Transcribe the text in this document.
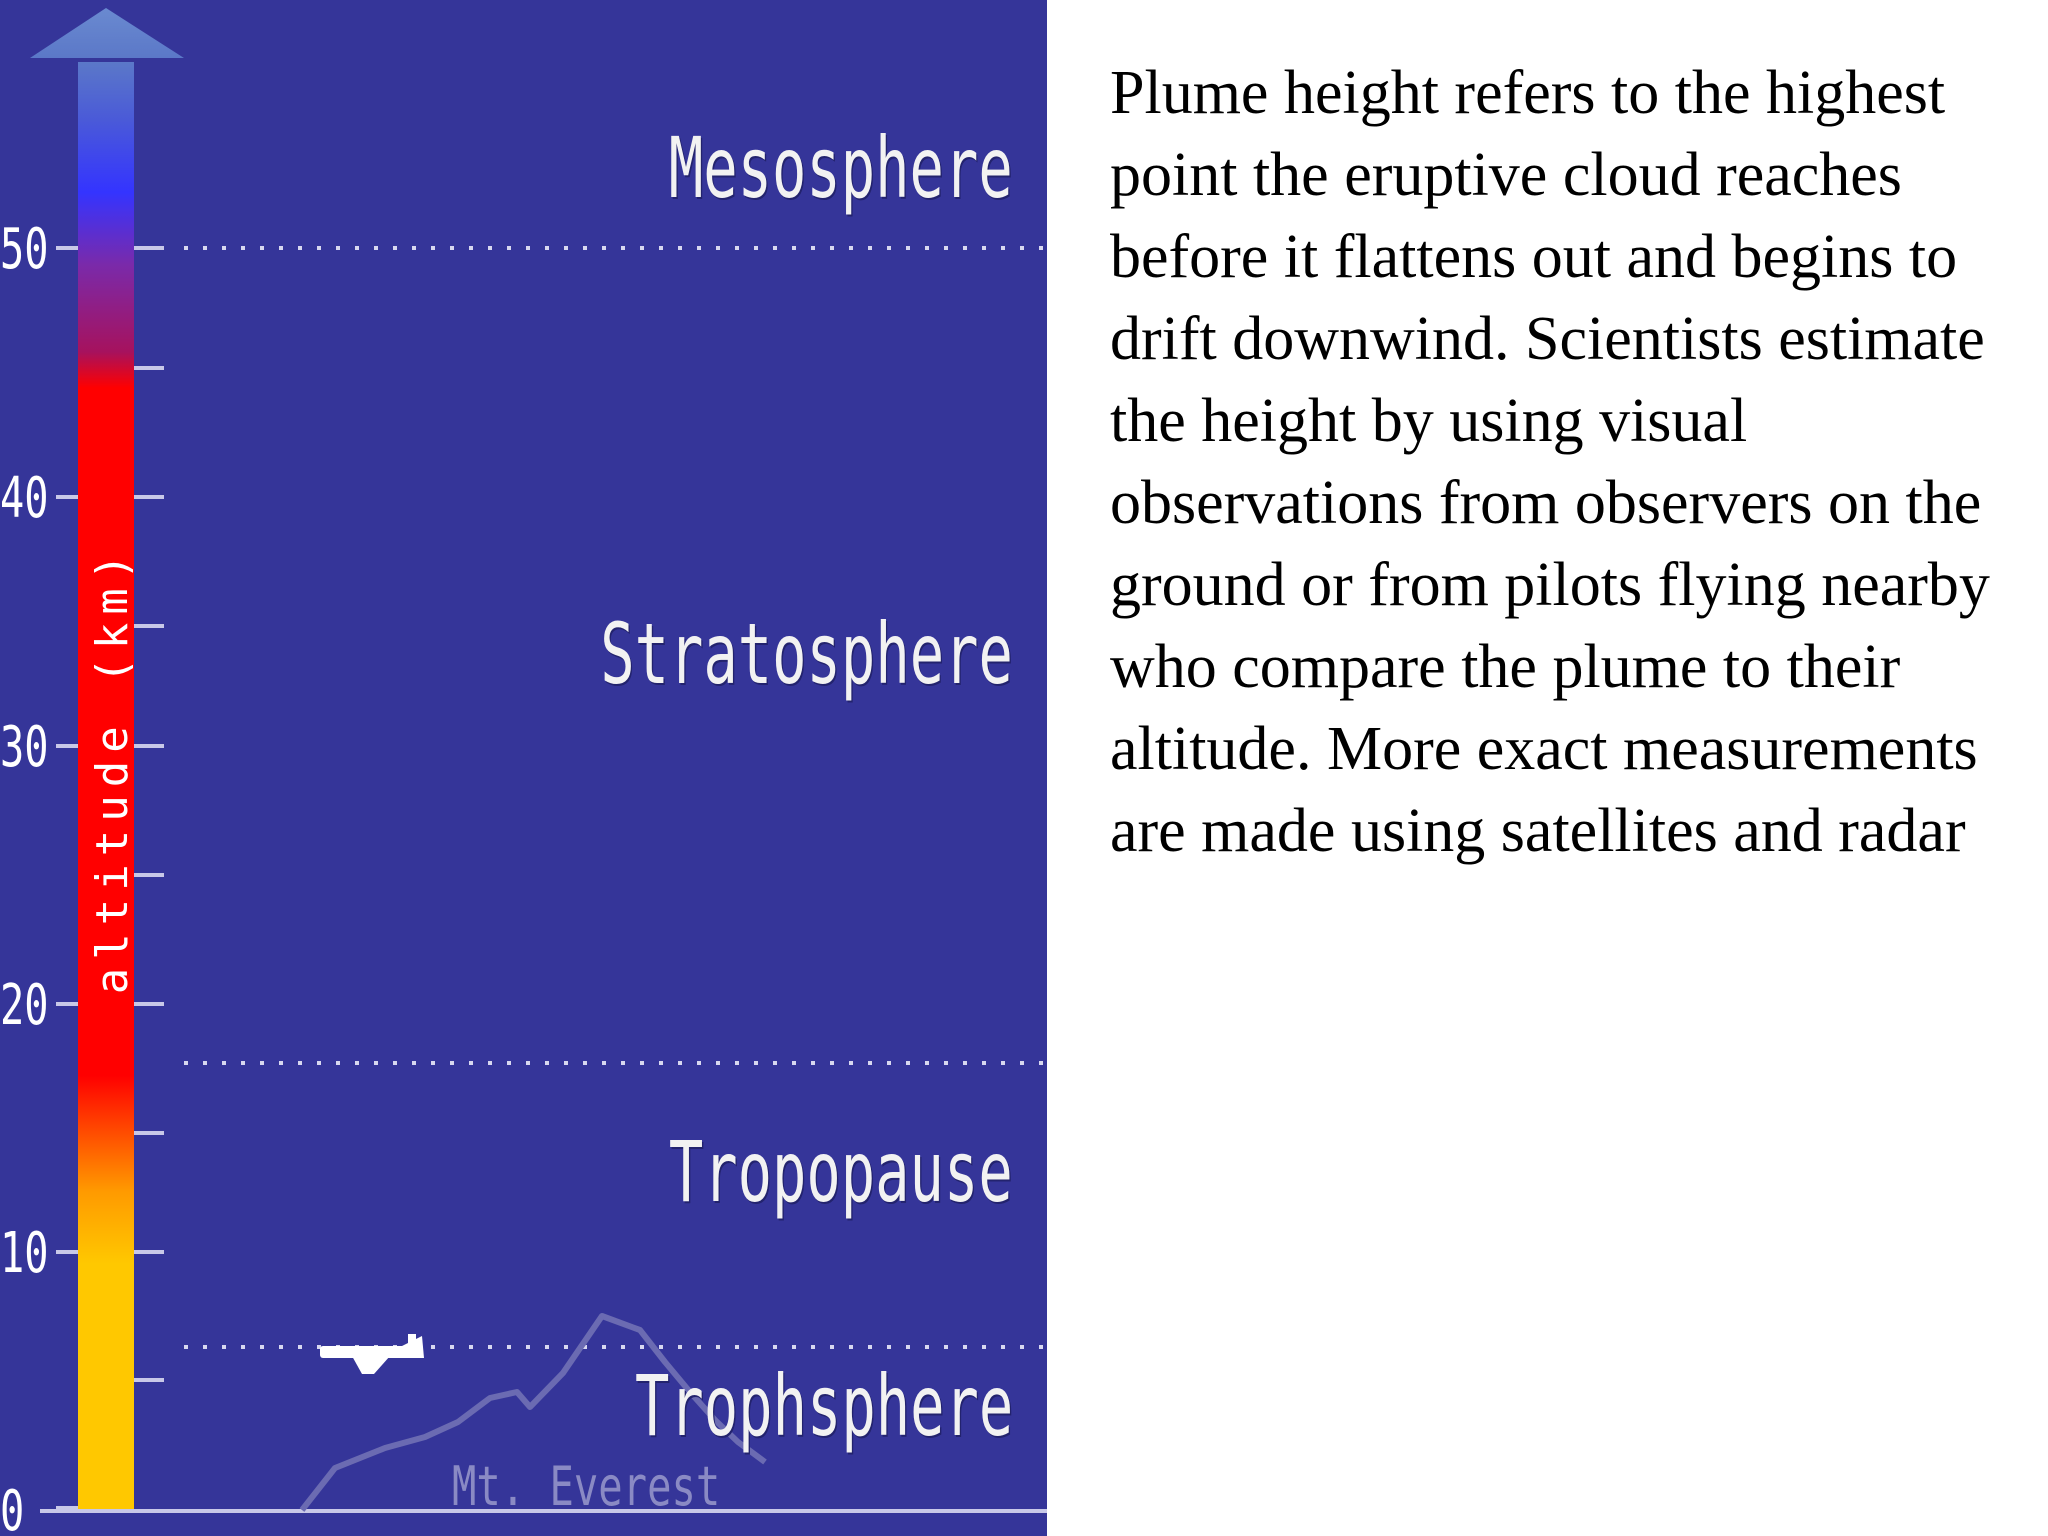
altitude (km)
0
10
20
30
40
50
Mesosphere
Stratosphere
Tropopause
Trophsphere
Mt. Everest

Plume height refers to the highest point the eruptive cloud reaches before it flattens out and begins to drift downwind. Scientists estimate the height by using visual observations from observers on the ground or from pilots flying nearby who compare the plume to their altitude. More exact measurements are made using satellites and radar
